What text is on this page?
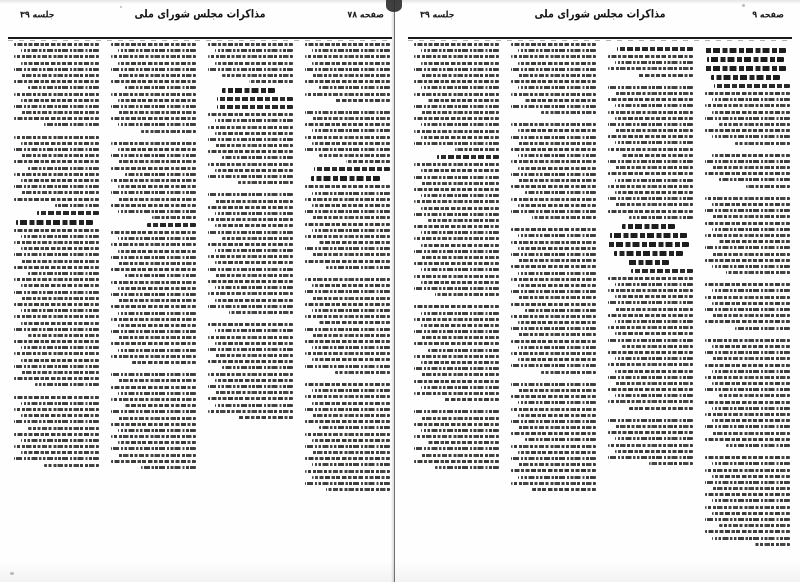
صفحه ۹
مذاکرات مجلس شورای ملی
جلسه ۳۹
صفحه ۷۸
مذاکرات مجلس شورای ملی
جلسه ۳۹
